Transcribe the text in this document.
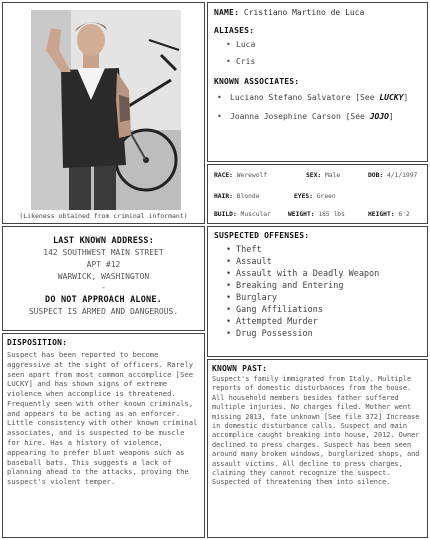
(Likeness obtained from criminal informant)

NAME: Cristiano Martino de Luca

ALIASES:

• Luca
• Cris

KNOWN ASSOCIATES:

• Luciano Stefano Salvatore [See LUCKY]
• Joanna Josephine Carson [See JOJO]
RACE: Werewolf	SEX: Male	DOB: 4/1/1997
HAIR: Blonde	EYES: Green
BUILD: Muscular	WEIGHT: 185 lbs	HEIGHT: 6'2
LAST KNOWN ADDRESS:
142 SOUTHWEST MAIN STREET
APT #12
WARWICK, WASHINGTON
-
DO NOT APPROACH ALONE.
SUSPECT IS ARMED AND DANGEROUS.
SUSPECTED OFFENSES:
• Theft
• Assault
• Assault with a Deadly Weapon
• Breaking and Entering
• Burglary
• Gang Affiliations
• Attempted Murder
• Drug Possession
DISPOSITION:
Suspect has been reported to become aggressive at the sight of officers. Rarely seen apart from most common accomplice [See LUCKY] and has shown signs of extreme violence when accomplice is threatened. Frequently seen with other known criminals, and appears to be acting as an enforcer. Little consistency with other known criminal associates, and is suspected to be muscle for hire. Has a history of violence, appearing to prefer blunt weapons such as baseball bats. This suggests a lack of planning ahead to the attacks, proving the suspect's violent temper.
KNOWN PAST:
Suspect's family immigrated from Italy. Multiple reports of domestic disturbances from the house. All household members besides father suffered multiple injuries. No charges filed. Mother went missing 2013, fate unknown [See file 372] Increase in domestic disturbance calls. Suspect and main accomplice caught breaking into house, 2012. Owner declined to press charges. Suspect has been seen around many broken windows, burglarized shops, and assault victims. All decline to press charges, claiming they cannot recognize the suspect. Suspected of threatening them into silence.
